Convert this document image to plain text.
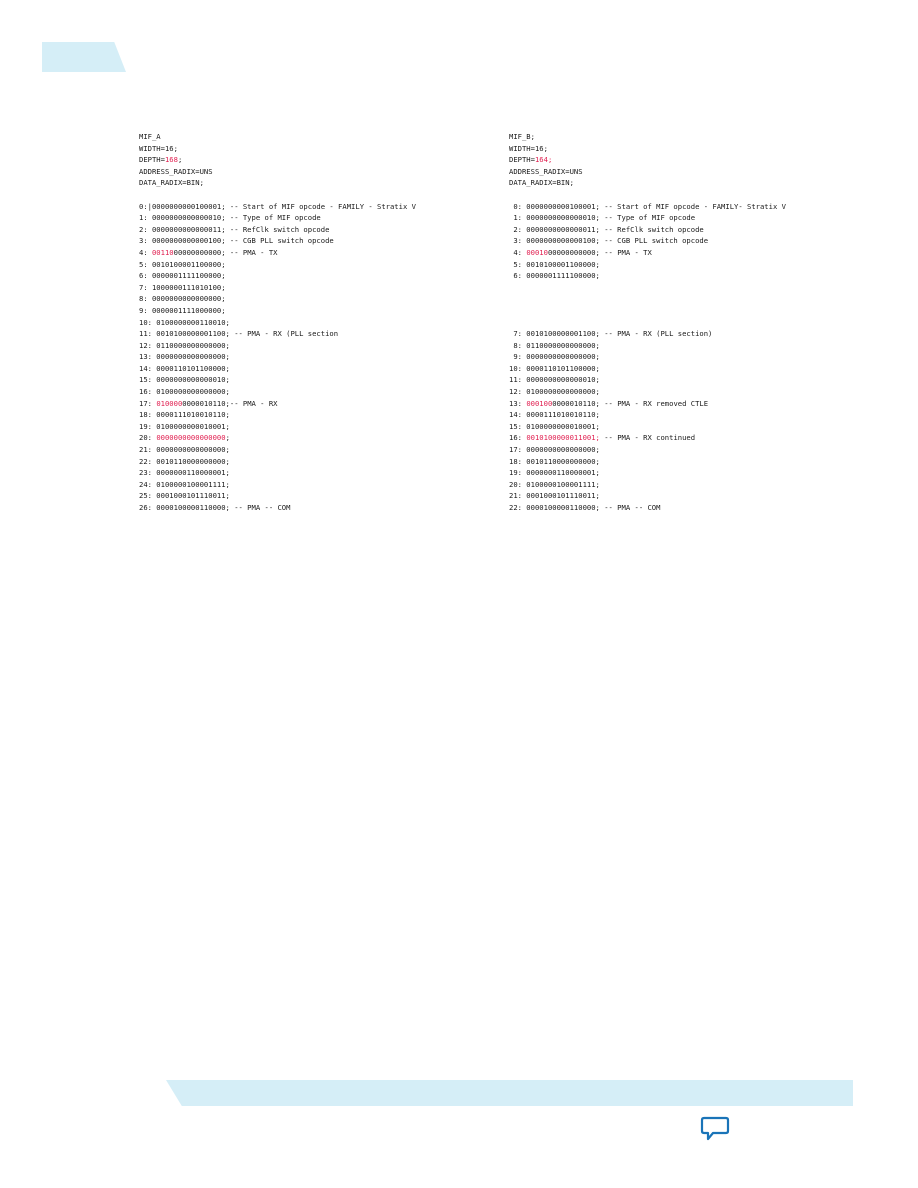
MIF_A
WIDTH=16;
DEPTH=168;
ADDRESS_RADIX=UNS
DATA_RADIX=BIN;
0:|0000000000100001; -- Start of MIF opcode - FAMILY - Stratix V
1: 0000000000000010; -- Type of MIF opcode
2: 0000000000000011; -- RefClk switch opcode
3: 0000000000000100; -- CGB PLL switch opcode
4: 0011000000000000; -- PMA - TX
5: 0010100001100000;
6: 0000001111100000;
7: 1000000111010100;
8: 0000000000000000;
9: 0000001111000000;
10: 0100000000110010;
11: 0010100000001100; -- PMA - RX (PLL section
12: 0110000000000000;
13: 0000000000000000;
14: 0000110101100000;
15: 0000000000000010;
16: 0100000000000000;
17: 0100000000010110;-- PMA - RX
18: 0000111010010110;
19: 0100000000010001;
20: 0000000000000000;
21: 0000000000000000;
22: 0010110000000000;
23: 0000000110000001;
24: 0100000100001111;
25: 0001000101110011;
26: 0000100000110000; -- PMA -- COM
MIF_B;
WIDTH=16;
DEPTH=164;
ADDRESS_RADIX=UNS
DATA_RADIX=BIN;
0: 0000000000100001; -- Start of MIF opcode - FAMILY- Stratix V
1: 0000000000000010; -- Type of MIF opcode
2: 0000000000000011; -- RefClk switch opcode
3: 0000000000000100; -- CGB PLL switch opcode
4: 0001000000000000; -- PMA - TX
5: 0010100001100000;
6: 0000001111100000;
7: 0010100000001100; -- PMA - RX (PLL section)
8: 0110000000000000;
9: 0000000000000000;
10: 0000110101100000;
11: 0000000000000010;
12: 0100000000000000;
13: 0001000000010110; -- PMA - RX removed CTLE
14: 0000111010010110;
15: 0100000000010001;
16: 0010100000011001; -- PMA - RX continued
17: 0000000000000000;
18: 0010110000000000;
19: 0000000110000001;
20: 0100000100001111;
21: 0001000101110011;
22: 0000100000110000; -- PMA -- COM
